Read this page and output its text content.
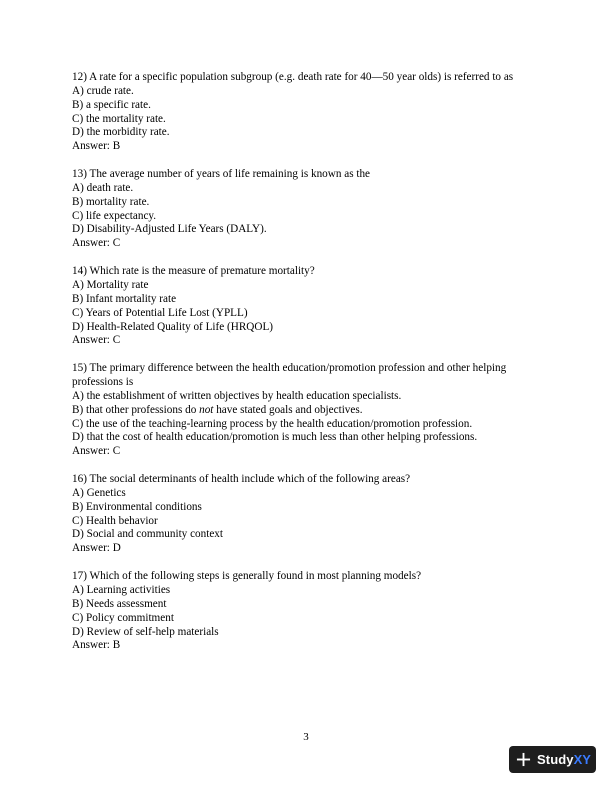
12) A rate for a specific population subgroup (e.g. death rate for 40—50 year olds) is referred to as

A) crude rate.

B) a specific rate.

C) the mortality rate.

D) the morbidity rate.

Answer: B

13) The average number of years of life remaining is known as the

A) death rate.

B) mortality rate.

C) life expectancy.

D) Disability-Adjusted Life Years (DALY).

Answer: C

14) Which rate is the measure of premature mortality?

A) Mortality rate

B) Infant mortality rate

C) Years of Potential Life Lost (YPLL)

D) Health-Related Quality of Life (HRQOL)

Answer: C

15) The primary difference between the health education/promotion profession and other helping professions is

A) the establishment of written objectives by health education specialists.

B) that other professions do not have stated goals and objectives.

C) the use of the teaching-learning process by the health education/promotion profession.

D) that the cost of health education/promotion is much less than other helping professions.

Answer: C

16) The social determinants of health include which of the following areas?

A) Genetics

B) Environmental conditions

C) Health behavior

D) Social and community context

Answer: D

17) Which of the following steps is generally found in most planning models?

A) Learning activities

B) Needs assessment

C) Policy commitment

D) Review of self-help materials

Answer: B

3
Study XY
